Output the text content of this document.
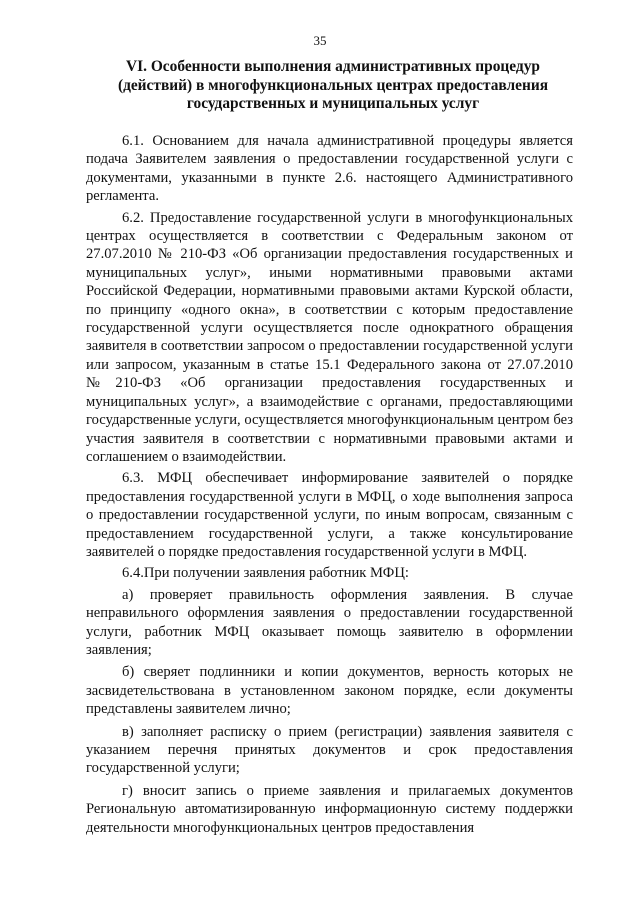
35
VI. Особенности выполнения административных процедур (действий) в многофункциональных центрах предоставления государственных и муниципальных услуг

6.1. Основанием для начала административной процедуры является подача Заявителем заявления о предоставлении государственной услуги с документами, указанными в пункте 2.6. настоящего Административного регламента.

6.2. Предоставление государственной услуги в многофункциональных центрах осуществляется в соответствии с Федеральным законом от 27.07.2010 № 210-ФЗ «Об организации предоставления государственных и муниципальных услуг», иными нормативными правовыми актами Российской Федерации, нормативными правовыми актами Курской области, по принципу «одного окна», в соответствии с которым предоставление государственной услуги осуществляется после однократного обращения заявителя в соответствии запросом о предоставлении государственной услуги или запросом, указанным в статье 15.1 Федерального закона от 27.07.2010 №210-ФЗ «Об организации предоставления государственных и муниципальных услуг», а взаимодействие с органами, предоставляющими государственные услуги, осуществляется многофункциональным центром без участия заявителя в соответствии с нормативными правовыми актами и соглашением о взаимодействии.

6.3. МФЦ обеспечивает информирование заявителей о порядке предоставления государственной услуги в МФЦ, о ходе выполнения запроса о предоставлении государственной услуги, по иным вопросам, связанным с предоставлением государственной услуги, а также консультирование заявителей о порядке предоставления государственной услуги в МФЦ.

6.4.При получении заявления работник МФЦ:

а) проверяет правильность оформления заявления. В случае неправильного оформления заявления о предоставлении государственной услуги, работник МФЦ оказывает помощь заявителю в оформлении заявления;

б) сверяет подлинники и копии документов, верность которых не засвидетельствована в установленном законом порядке, если документы представлены заявителем лично;

в) заполняет расписку о прием (регистрации) заявления заявителя с указанием перечня принятых документов и срок предоставления государственной услуги;

г) вносит запись о приеме заявления и прилагаемых документов Региональную автоматизированную информационную систему поддержки деятельности многофункциональных центров предоставления
